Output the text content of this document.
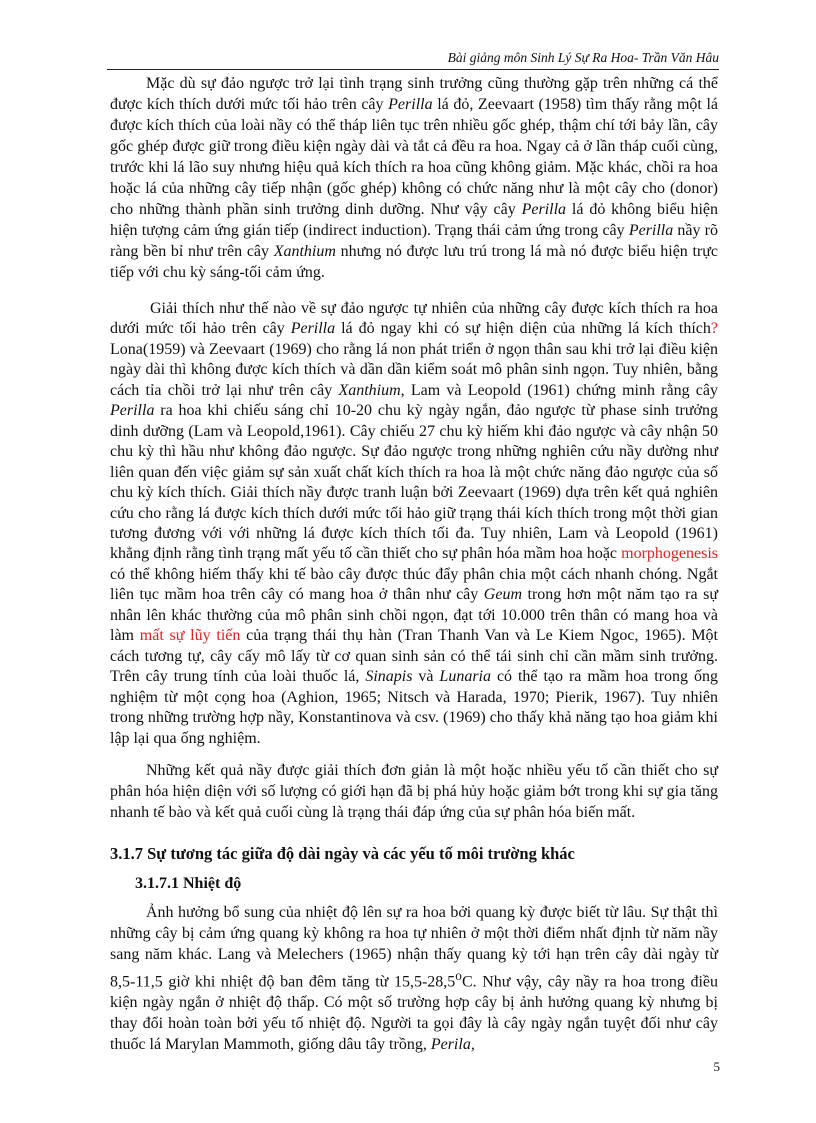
Bài giảng môn Sinh Lý Sự Ra Hoa- Trần Văn Hâu

Mặc dù sự đảo ngược trở lại tình trạng sinh trưởng cũng thường gặp trên những cá thể được kích thích dưới mức tối hảo trên cây Perilla lá đỏ, Zeevaart (1958) tìm thấy rằng một lá được kích thích của loài nầy có thể tháp liên tục trên nhiều gốc ghép, thậm chí tới bảy lần, cây gốc ghép được giữ trong điều kiện ngày dài và tắt cả đều ra hoa. Ngay cả ở lần tháp cuối cùng, trước khi lá lão suy nhưng hiệu quả kích thích ra hoa cũng không giảm. Mặc khác, chồi ra hoa hoặc lá của những cây tiếp nhận (gốc ghép) không có chức năng như là một cây cho (donor) cho những thành phần sinh trưởng dinh dưỡng. Như vậy cây Perilla lá đỏ không biểu hiện hiện tượng cảm ứng gián tiếp (indirect induction). Trạng thái cảm ứng trong cây Perilla nầy rõ ràng bền bỉ như trên cây Xanthium nhưng nó được lưu trú trong lá mà nó được biểu hiện trực tiếp với chu kỳ sáng-tối cảm ứng.

Giải thích như thế nào về sự đảo ngược tự nhiên của những cây được kích thích ra hoa dưới mức tối hảo trên cây Perilla lá đỏ ngay khi có sự hiện diện của những lá kích thích? Lona(1959) và Zeevaart (1969) cho rằng lá non phát triển ở ngọn thân sau khi trở lại điều kiện ngày dài thì không được kích thích và dần dần kiểm soát mô phân sinh ngọn. Tuy nhiên, bằng cách tỉa chồi trở lại như trên cây Xanthium, Lam và Leopold (1961) chứng minh rằng cây Perilla ra hoa khi chiếu sáng chỉ 10-20 chu kỳ ngày ngắn, đảo ngược từ phase sinh trưởng dinh dưỡng (Lam và Leopold,1961). Cây chiếu 27 chu kỳ hiếm khi đảo ngược và cây nhận 50 chu kỳ thì hầu như không đảo ngược. Sự đảo ngược trong những nghiên cứu nầy dường như liên quan đến việc giảm sự sản xuất chất kích thích ra hoa là một chức năng đảo ngược của số chu kỳ kích thích. Giải thích nầy được tranh luận bởi Zeevaart (1969) dựa trên kết quả nghiên cứu cho rằng lá được kích thích dưới mức tối hảo giữ trạng thái kích thích trong một thời gian tương đương với với những lá được kích thích tối đa. Tuy nhiên, Lam và Leopold (1961) khẳng định rằng tình trạng mất yếu tố cần thiết cho sự phân hóa mầm hoa hoặc morphogenesis có thể không hiếm thấy khi tế bào cây được thúc đẩy phân chia một cách nhanh chóng. Ngắt liên tục mầm hoa trên cây có mang hoa ở thân như cây Geum trong hơn một năm tạo ra sự nhân lên khác thường của mô phân sinh chồi ngọn, đạt tới 10.000 trên thân có mang hoa và làm mất sự lũy tiến của trạng thái thụ hàn (Tran Thanh Van và Le Kiem Ngoc, 1965). Một cách tương tự, cây cấy mô lấy từ cơ quan sinh sản có thể tái sinh chỉ cần mầm sinh trưởng. Trên cây trung tính của loài thuốc lá, Sinapis và Lunaria có thể tạo ra mầm hoa trong ống nghiệm từ một cọng hoa (Aghion, 1965; Nitsch và Harada, 1970; Pierik, 1967). Tuy nhiên trong những trường hợp nầy, Konstantinova và csv. (1969) cho thấy khả năng tạo hoa giảm khi lập lại qua ống nghiệm.

Những kết quả nầy được giải thích đơn giản là một hoặc nhiều yếu tố cần thiết cho sự phân hóa hiện diện với số lượng có giới hạn đã bị phá hủy hoặc giảm bớt trong khi sự gia tăng nhanh tế bào và kết quả cuối cùng là trạng thái đáp ứng của sự phân hóa biến mất.

3.1.7 Sự tương tác giữa độ dài ngày và các yếu tố môi trường khác
3.1.7.1 Nhiệt độ

Ảnh hưởng bổ sung của nhiệt độ lên sự ra hoa bởi quang kỳ được biết từ lâu. Sự thật thì những cây bị cảm ứng quang kỳ không ra hoa tự nhiên ở một thời điểm nhất định từ năm nầy sang năm khác. Lang và Melechers (1965) nhận thấy quang kỳ tới hạn trên cây dài ngày từ 8,5-11,5 giờ khi nhiệt độ ban đêm tăng từ 15,5-28,5$^o$C. Như vậy, cây nầy ra hoa trong điều kiện ngày ngắn ở nhiệt độ thấp. Có một số trường hợp cây bị ảnh hưởng quang kỳ nhưng bị thay đổi hoàn toàn bởi yếu tố nhiệt độ. Người ta gọi đây là cây ngày ngắn tuyệt đối như cây thuốc lá Marylan Mammoth, giống dâu tây trồng, Perila,

5
